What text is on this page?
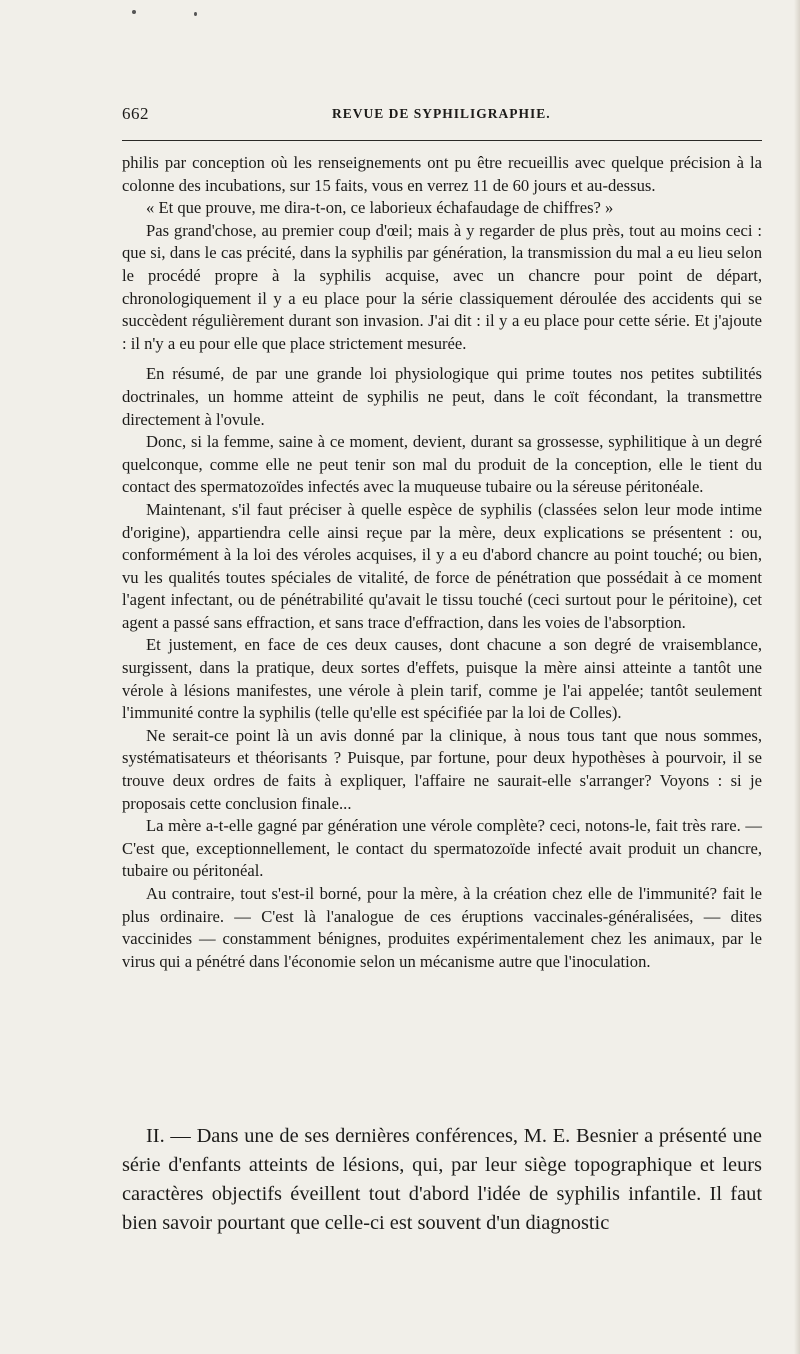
662	REVUE DE SYPHILIGRAPHIE.

philis par conception où les renseignements ont pu être recueillis avec quelque précision à la colonne des incubations, sur 15 faits, vous en verrez 11 de 60 jours et au-dessus.

« Et que prouve, me dira-t-on, ce laborieux échafaudage de chiffres? »

Pas grand'chose, au premier coup d'œil; mais à y regarder de plus près, tout au moins ceci : que si, dans le cas précité, dans la syphilis par génération, la transmission du mal a eu lieu selon le procédé propre à la syphilis acquise, avec un chancre pour point de départ, chronologiquement il y a eu place pour la série classiquement déroulée des accidents qui se succèdent régulièrement durant son invasion. J'ai dit : il y a eu place pour cette série. Et j'ajoute : il n'y a eu pour elle que place strictement mesurée.

En résumé, de par une grande loi physiologique qui prime toutes nos petites subtilités doctrinales, un homme atteint de syphilis ne peut, dans le coït fécondant, la transmettre directement à l'ovule.

Donc, si la femme, saine à ce moment, devient, durant sa grossesse, syphilitique à un degré quelconque, comme elle ne peut tenir son mal du produit de la conception, elle le tient du contact des spermatozoïdes infectés avec la muqueuse tubaire ou la séreuse péritonéale.

Maintenant, s'il faut préciser à quelle espèce de syphilis (classées selon leur mode intime d'origine), appartiendra celle ainsi reçue par la mère, deux explications se présentent : ou, conformément à la loi des véroles acquises, il y a eu d'abord chancre au point touché; ou bien, vu les qualités toutes spéciales de vitalité, de force de pénétration que possédait à ce moment l'agent infectant, ou de pénétrabilité qu'avait le tissu touché (ceci surtout pour le péritoine), cet agent a passé sans effraction, et sans trace d'effraction, dans les voies de l'absorption.

Et justement, en face de ces deux causes, dont chacune a son degré de vraisemblance, surgissent, dans la pratique, deux sortes d'effets, puisque la mère ainsi atteinte a tantôt une vérole à lésions manifestes, une vérole à plein tarif, comme je l'ai appelée; tantôt seulement l'immunité contre la syphilis (telle qu'elle est spécifiée par la loi de Colles).

Ne serait-ce point là un avis donné par la clinique, à nous tous tant que nous sommes, systématisateurs et théorisants ? Puisque, par fortune, pour deux hypothèses à pourvoir, il se trouve deux ordres de faits à expliquer, l'affaire ne saurait-elle s'arranger? Voyons : si je proposais cette conclusion finale...

La mère a-t-elle gagné par génération une vérole complète? ceci, notons-le, fait très rare. — C'est que, exceptionnellement, le contact du spermatozoïde infecté avait produit un chancre, tubaire ou péritonéal.

Au contraire, tout s'est-il borné, pour la mère, à la création chez elle de l'immunité? fait le plus ordinaire. — C'est là l'analogue de ces éruptions vaccinales-généralisées, — dites vaccinides — constamment bénignes, produites expérimentalement chez les animaux, par le virus qui a pénétré dans l'économie selon un mécanisme autre que l'inoculation.

II. — Dans une de ses dernières conférences, M. E. Besnier a présenté une série d'enfants atteints de lésions, qui, par leur siège topographique et leurs caractères objectifs éveillent tout d'abord l'idée de syphilis infantile. Il faut bien savoir pourtant que celle-ci est souvent d'un diagnostic
